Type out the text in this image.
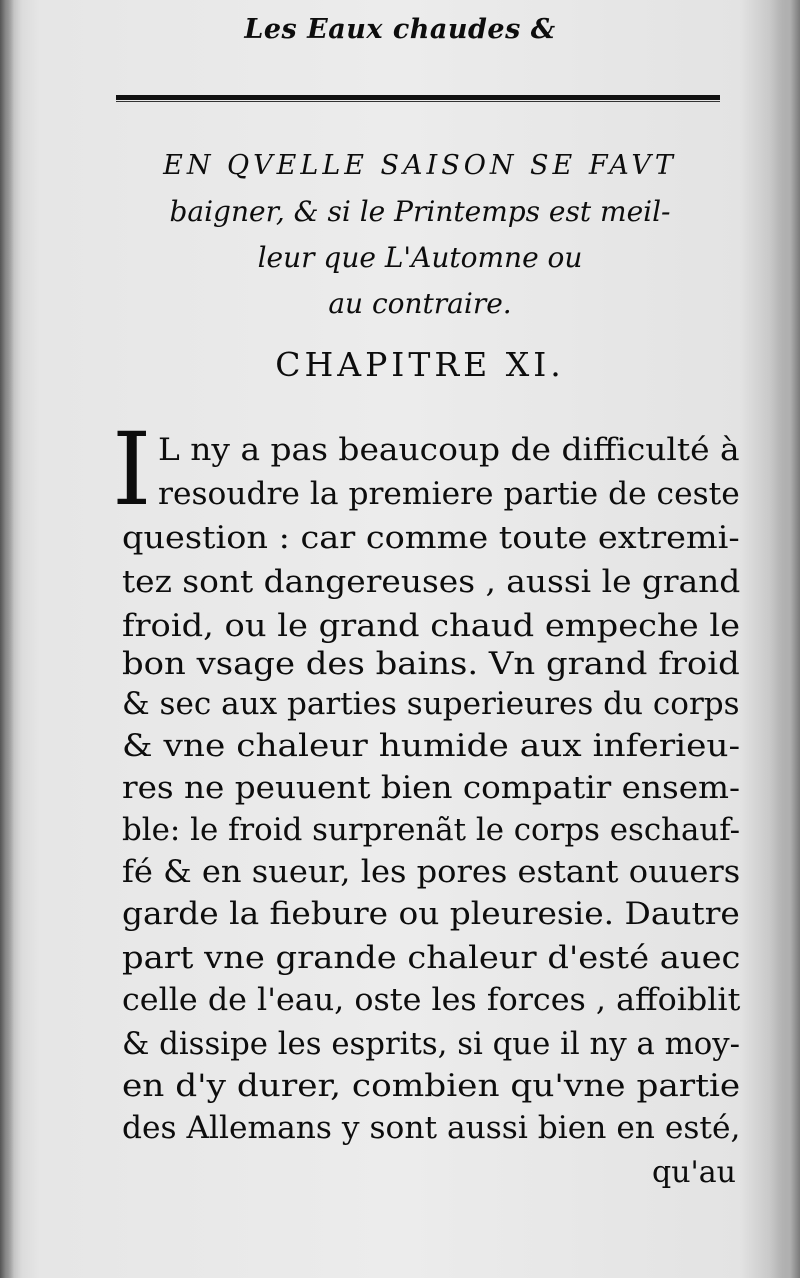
Les Eaux chaudes &
EN QVELLE SAISON SE FAVT
baigner, & si le Printemps est meil-
leur que L'Automne ou
au contraire.
CHAPITRE XI.
I L ny a pas beaucoup de difficulté à
resoudre la premiere partie de ceste
question : car comme toute extremi-
tez sont dangereuses , aussi le grand
froid, ou le grand chaud empeche le
bon vsage des bains. Vn grand froid
& sec aux parties superieures du corps
& vne chaleur humide aux inferieu-
res ne peuuent bien compatir ensem-
ble: le froid surprenãt le corps eschauf-
fé & en sueur, les pores estant ouuers
garde la fiebure ou pleuresie. Dautre
part vne grande chaleur d'esté auec
celle de l'eau, oste les forces , affoiblit
& dissipe les esprits, si que il ny a moy-
en d'y durer, combien qu'vne partie
des Allemans y sont aussi bien en esté,
qu'au
